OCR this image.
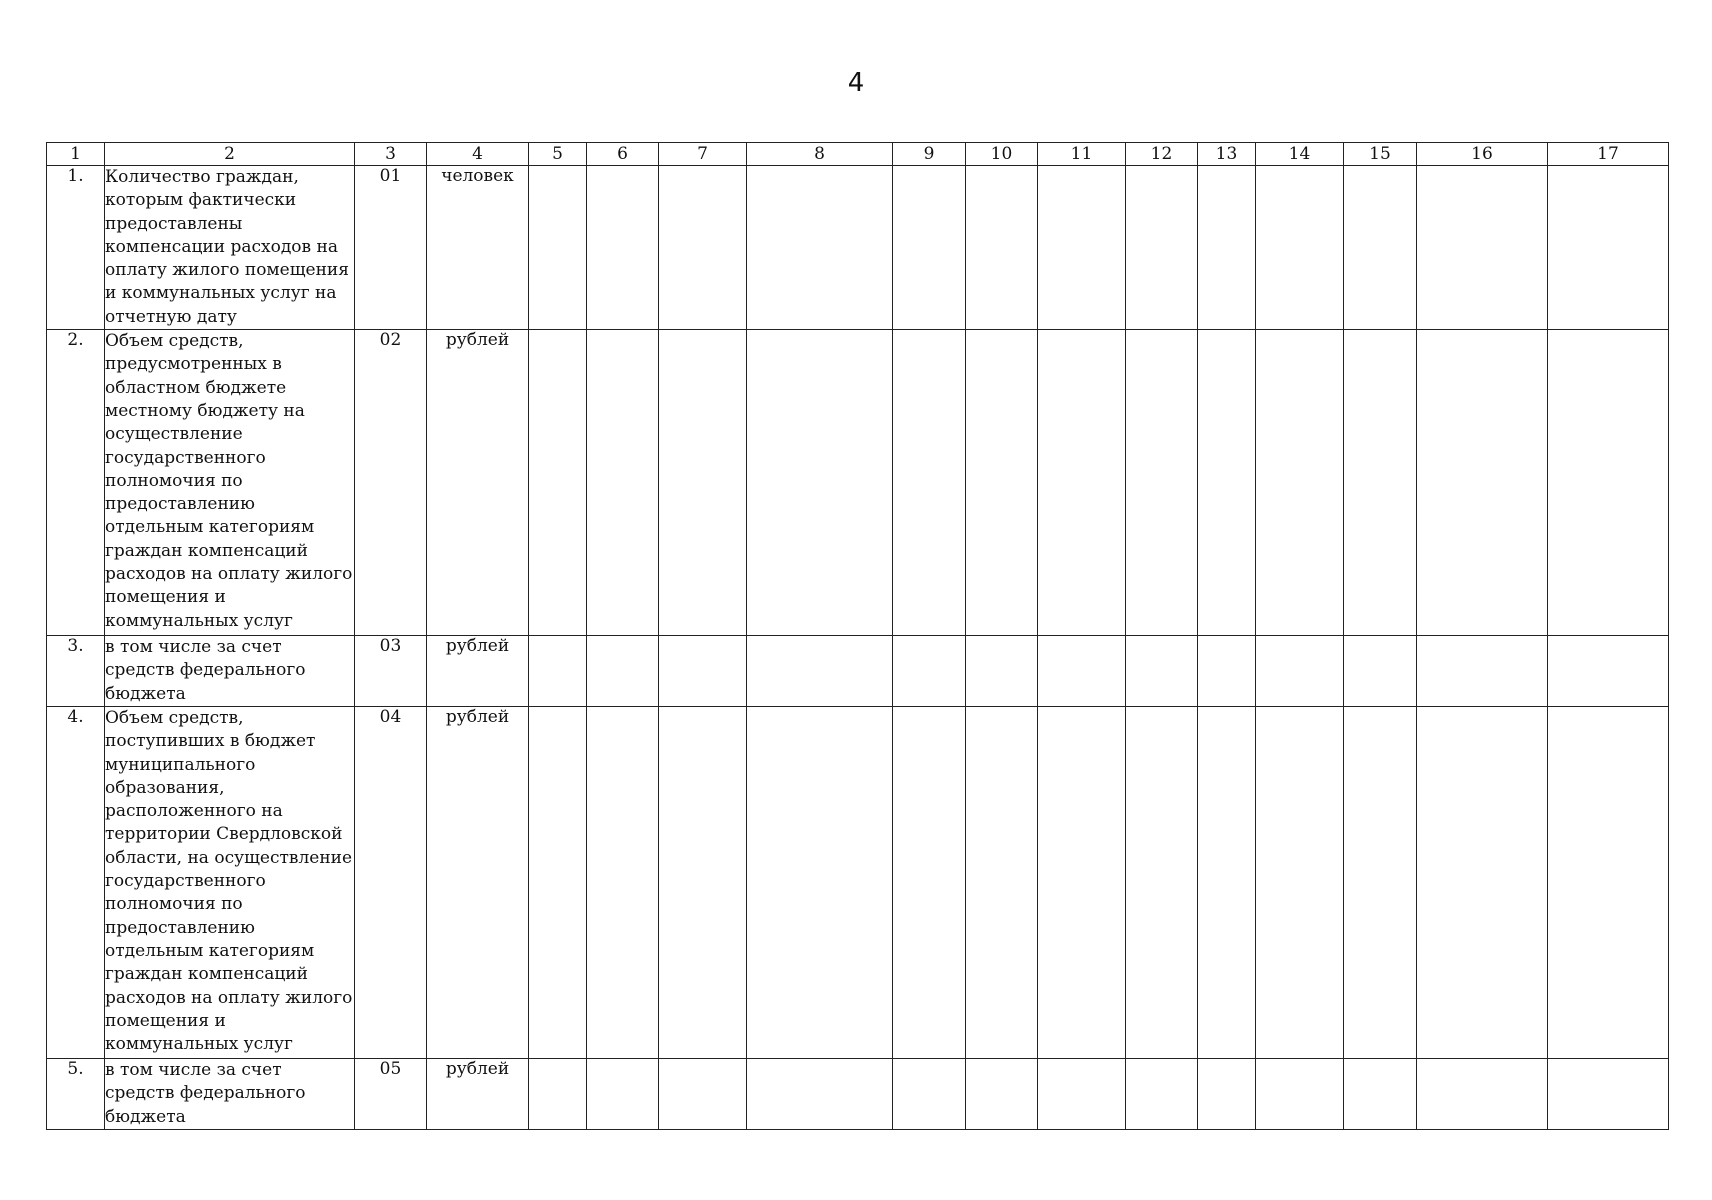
4
1	2	3	4	5	6	7	8	9	10	11	12	13	14	15	16	17
1.	Количество граждан, которым фактически предоставлены компенсации расходов на оплату жилого помещения и коммунальных услуг на отчетную дату	01	человек													
2.	Объем средств, предусмотренных в областном бюджете местному бюджету на осуществление государственного полномочия по предоставлению отдельным категориям граждан компенсаций расходов на оплату жилого помещения и коммунальных услуг	02	рублей													
3.	в том числе за счет средств федерального бюджета	03	рублей													
4.	Объем средств, поступивших в бюджет муниципального образования, расположенного на территории Свердловской области, на осуществление государственного полномочия по предоставлению отдельным категориям граждан компенсаций расходов на оплату жилого помещения и коммунальных услуг	04	рублей													
5.	в том числе за счет средств федерального бюджета	05	рублей													
